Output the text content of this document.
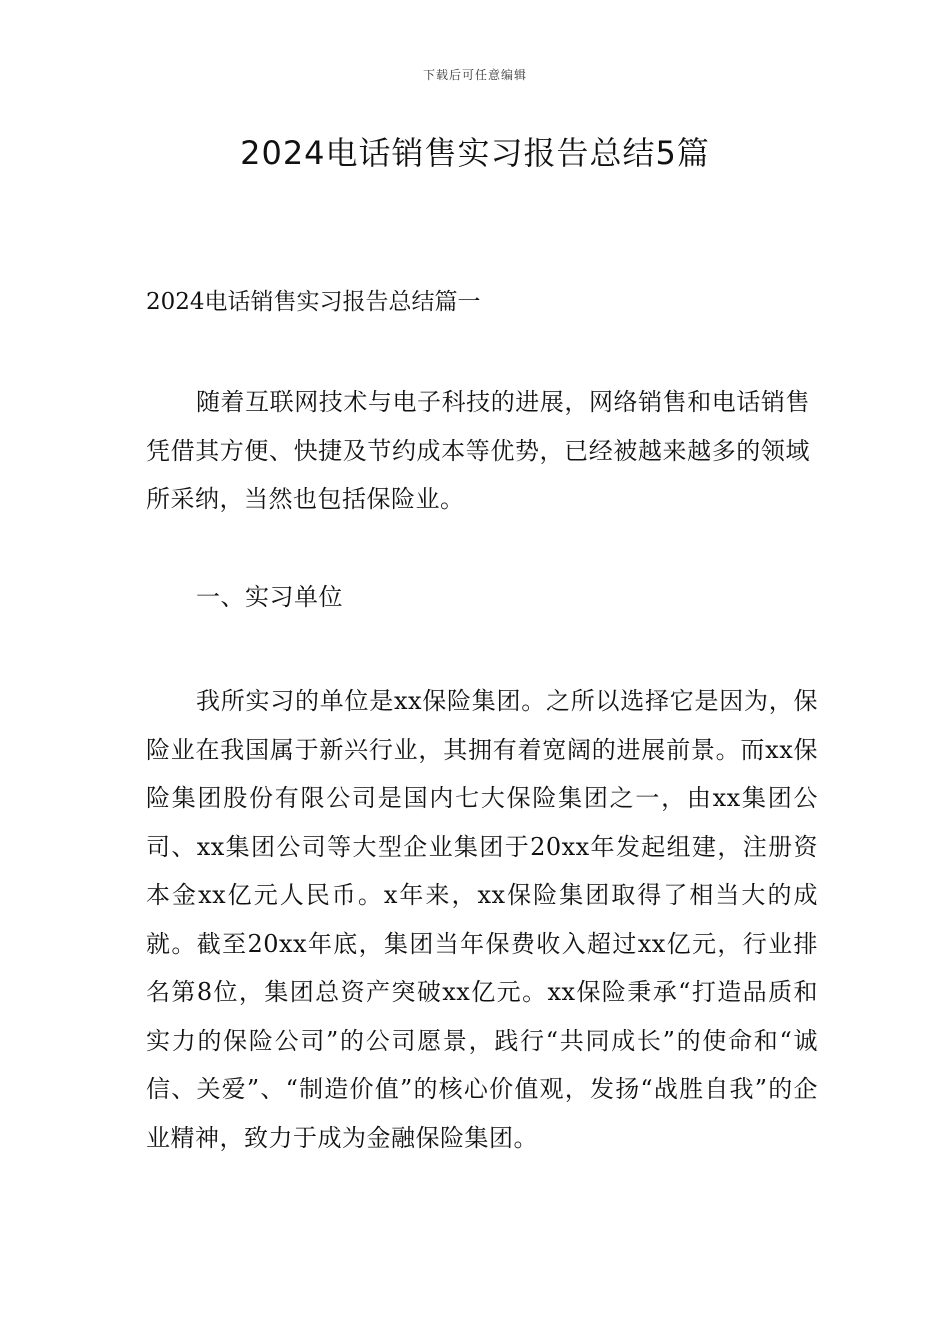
下载后可任意编辑
2024电话销售实习报告总结5篇
2024电话销售实习报告总结篇一

随着互联网技术与电子科技的进展，网络销售和电话销售凭借其方便、快捷及节约成本等优势，已经被越来越多的领域所采纳，当然也包括保险业。

一、实习单位

我所实习的单位是xx保险集团。之所以选择它是因为，保险业在我国属于新兴行业，其拥有着宽阔的进展前景。而xx保险集团股份有限公司是国内七大保险集团之一，由xx集团公司、xx集团公司等大型企业集团于20xx年发起组建，注册资本金xx亿元人民币。x年来，xx保险集团取得了相当大的成就。截至20xx年底，集团当年保费收入超过xx亿元，行业排名第8位，集团总资产突破xx亿元。xx保险秉承“打造品质和实力的保险公司”的公司愿景，践行“共同成长”的使命和“诚信、关爱”、“制造价值”的核心价值观，发扬“战胜自我”的企业精神，致力于成为金融保险集团。
